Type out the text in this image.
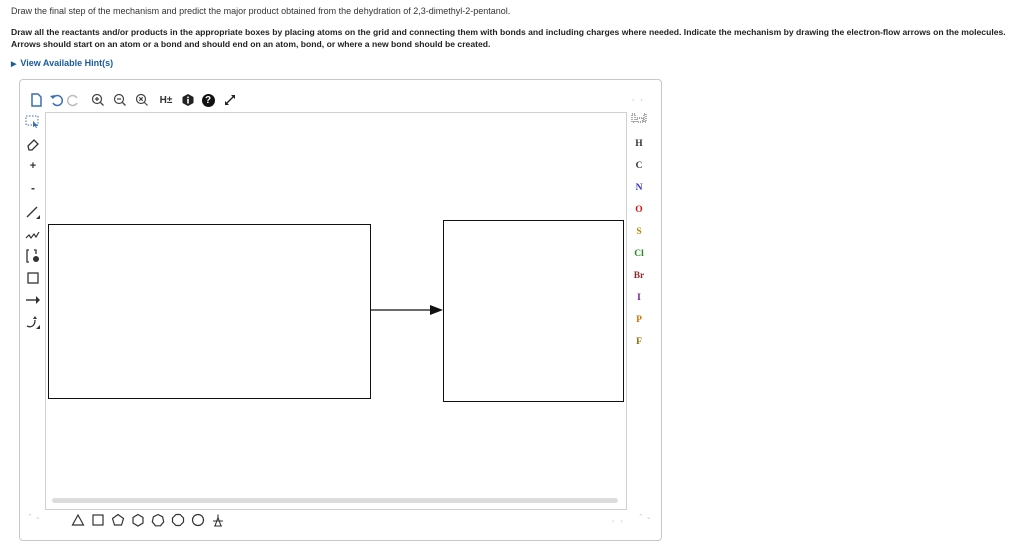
Draw the final step of the mechanism and predict the major product obtained from the dehydration of 2,3-dimethyl-2-pentanol.
Draw all the reactants and/or products in the appropriate boxes by placing atoms on the grid and connecting them with bonds and including charges where needed. Indicate the mechanism by drawing the electron-flow arrows on the molecules. Arrows should start on an atom or a bond and should end on an atom, bond, or where a new bond should be created.
▶ View Available Hint(s)
H±	?	‹ ›
+
-
H
C
N
O
S
Cl
Br
I
P
F
⌃⌄
‹ ›
⌃⌄
